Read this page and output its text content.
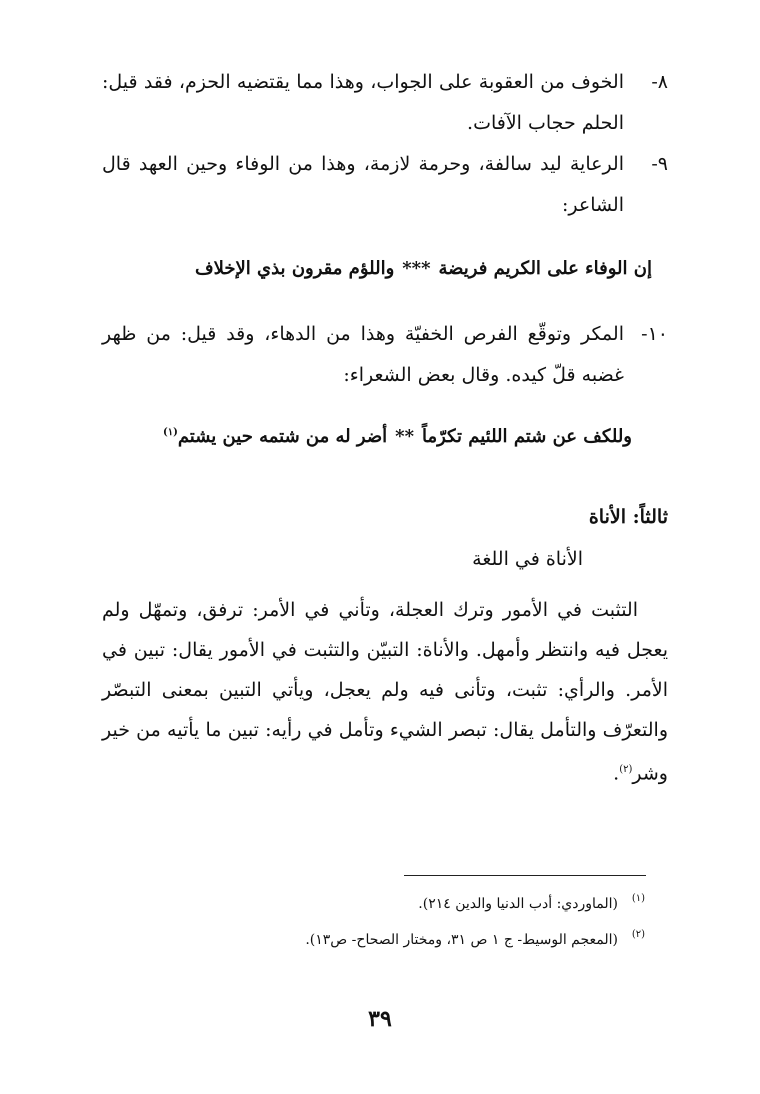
٨-
الخوف من العقوبة على الجواب، وهذا مما يقتضيه الحزم، فقد قيل: الحلم حجاب الآفات.
٩-
الرعاية ليد سالفة، وحرمة لازمة، وهذا من الوفاء وحين العهد قال الشاعر:
إن الوفاء على الكريم فريضة***واللؤم مقرون بذي الإخلاف
١٠-
المكر وتوقّع الفرص الخفيّة وهذا من الدهاء، وقد قيل: من ظهر غضبه قلّ كيده. وقال بعض الشعراء:
وللكف عن شتم اللئيم تكرّماً**أضر له من شتمه حين يشتم$^{(١)}$
ثالثاً: الأناة
الأناة في اللغة
التثبت في الأمور وترك العجلة، وتأني في الأمر: ترفق، وتمهّل ولم يعجل فيه وانتظر وأمهل. والأناة: التبيّن والتثبت في الأمور يقال: تبين في الأمر. والرأي: تثبت، وتأنى فيه ولم يعجل، ويأتي التبين بمعنى التبصّر والتعرّف والتأمل يقال: تبصر الشيء وتأمل في رأيه: تبين ما يأتيه من خير وشر$^{(٢)}$.
(١)
(الماوردي: أدب الدنيا والدين ٢١٤).
(٢)
(المعجم الوسيط- ج ١ ص ٣١، ومختار الصحاح- ص١٣).
٣٩
